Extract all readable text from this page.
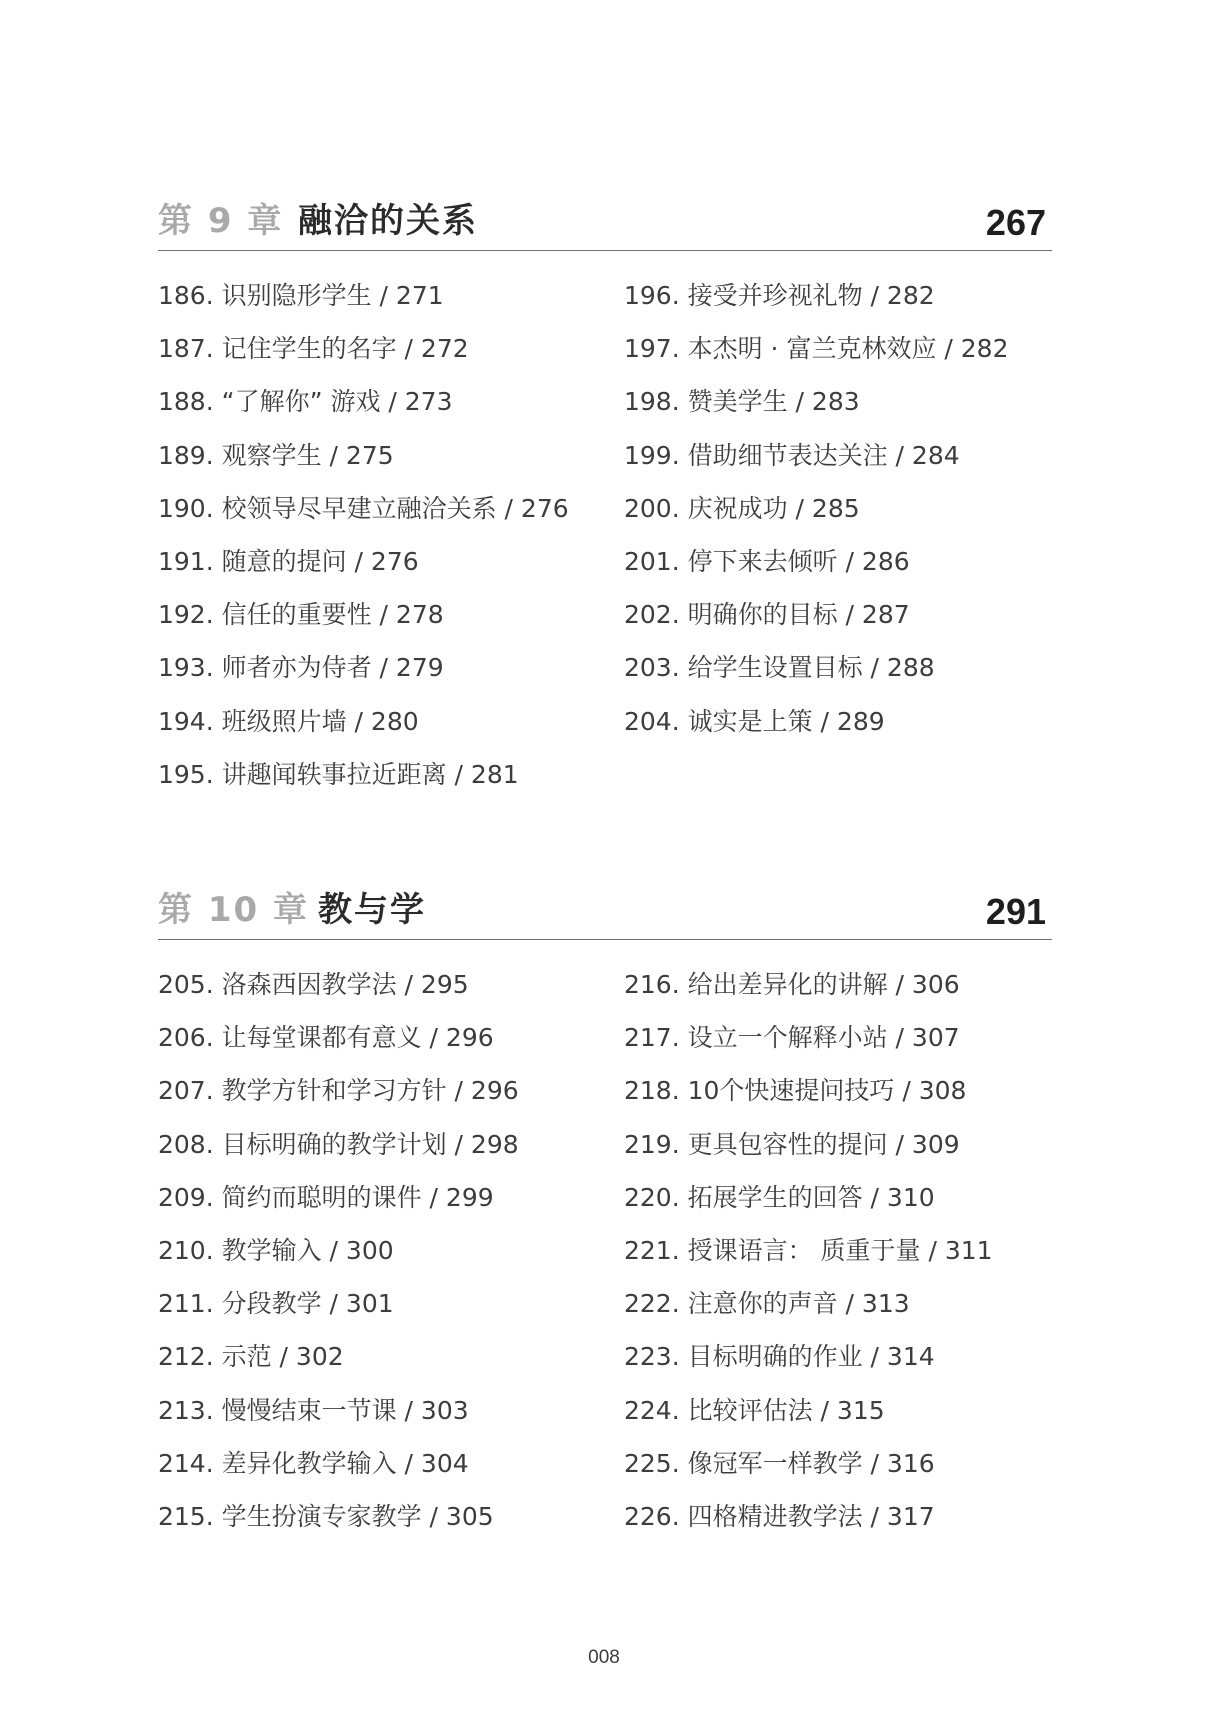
第 9 章 融洽的关系	267
186. 识别隐形学生 / 271
187. 记住学生的名字 / 272
188. “了解你” 游戏 / 273
189. 观察学生 / 275
190. 校领导尽早建立融洽关系 / 276
191. 随意的提问 / 276
192. 信任的重要性 / 278
193. 师者亦为侍者 / 279
194. 班级照片墙 / 280
195. 讲趣闻轶事拉近距离 / 281
196. 接受并珍视礼物 / 282
197. 本杰明 · 富兰克林效应 / 282
198. 赞美学生 / 283
199. 借助细节表达关注 / 284
200. 庆祝成功 / 285
201. 停下来去倾听 / 286
202. 明确你的目标 / 287
203. 给学生设置目标 / 288
204. 诚实是上策 / 289
第 10 章 教与学	291
205. 洛森西因教学法 / 295
206. 让每堂课都有意义 / 296
207. 教学方针和学习方针 / 296
208. 目标明确的教学计划 / 298
209. 简约而聪明的课件 / 299
210. 教学输入 / 300
211. 分段教学 / 301
212. 示范 / 302
213. 慢慢结束一节课 / 303
214. 差异化教学输入 / 304
215. 学生扮演专家教学 / 305
216. 给出差异化的讲解 / 306
217. 设立一个解释小站 / 307
218. 10个快速提问技巧 / 308
219. 更具包容性的提问 / 309
220. 拓展学生的回答 / 310
221. 授课语言： 质重于量 / 311
222. 注意你的声音 / 313
223. 目标明确的作业 / 314
224. 比较评估法 / 315
225. 像冠军一样教学 / 316
226. 四格精进教学法 / 317
008
